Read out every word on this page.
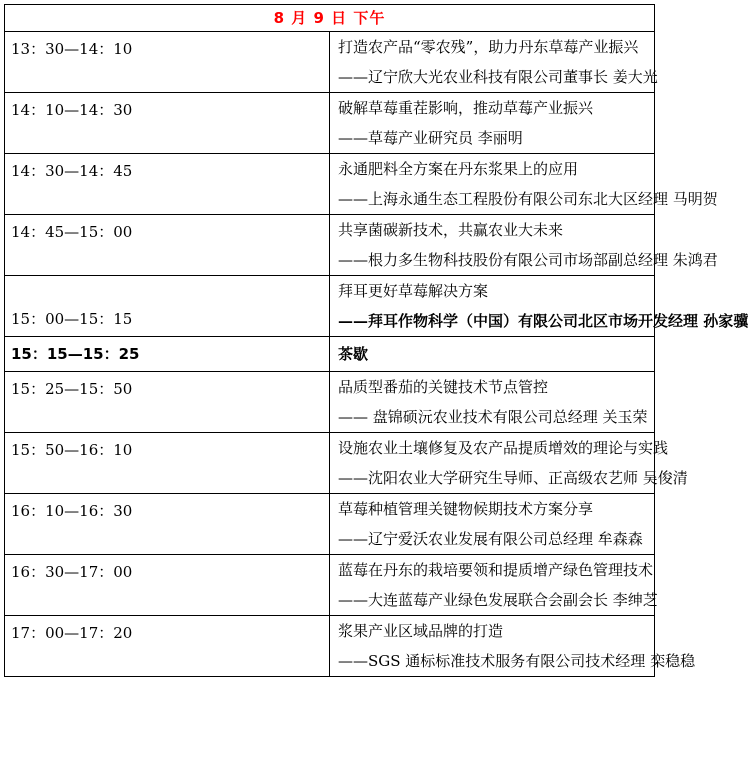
8 月 9 日 下午	
13：30—14：10	打造农产品“零农残”，助力丹东草莓产业振兴
——辽宁欣大光农业科技有限公司董事长 姜大光

14：10—14：30	破解草莓重茬影响，推动草莓产业振兴
——草莓产业研究员 李丽明

14：30—14：45	永通肥料全方案在丹东浆果上的应用
——上海永通生态工程股份有限公司东北大区经理 马明贺

14：45—15：00	共享菌碳新技术，共赢农业大未来
——根力多生物科技股份有限公司市场部副总经理 朱鸿君

15：00—15：15	拜耳更好草莓解决方案
——拜耳作物科学（中国）有限公司北区市场开发经理 孙家骥

15：15—15：25	茶歇
15：25—15：50	品质型番茄的关键技术节点管控
—— 盘锦硕沅农业技术有限公司总经理 关玉荣

15：50—16：10	设施农业土壤修复及农产品提质增效的理论与实践
——沈阳农业大学研究生导师、正高级农艺师 吴俊清

16：10—16：30	草莓种植管理关键物候期技术方案分享
——辽宁爱沃农业发展有限公司总经理 牟森森

16：30—17：00	蓝莓在丹东的栽培要领和提质增产绿色管理技术
——大连蓝莓产业绿色发展联合会副会长 李绅芝

17：00—17：20	浆果产业区域品牌的打造
——SGS 通标标准技术服务有限公司技术经理 栾稳稳
